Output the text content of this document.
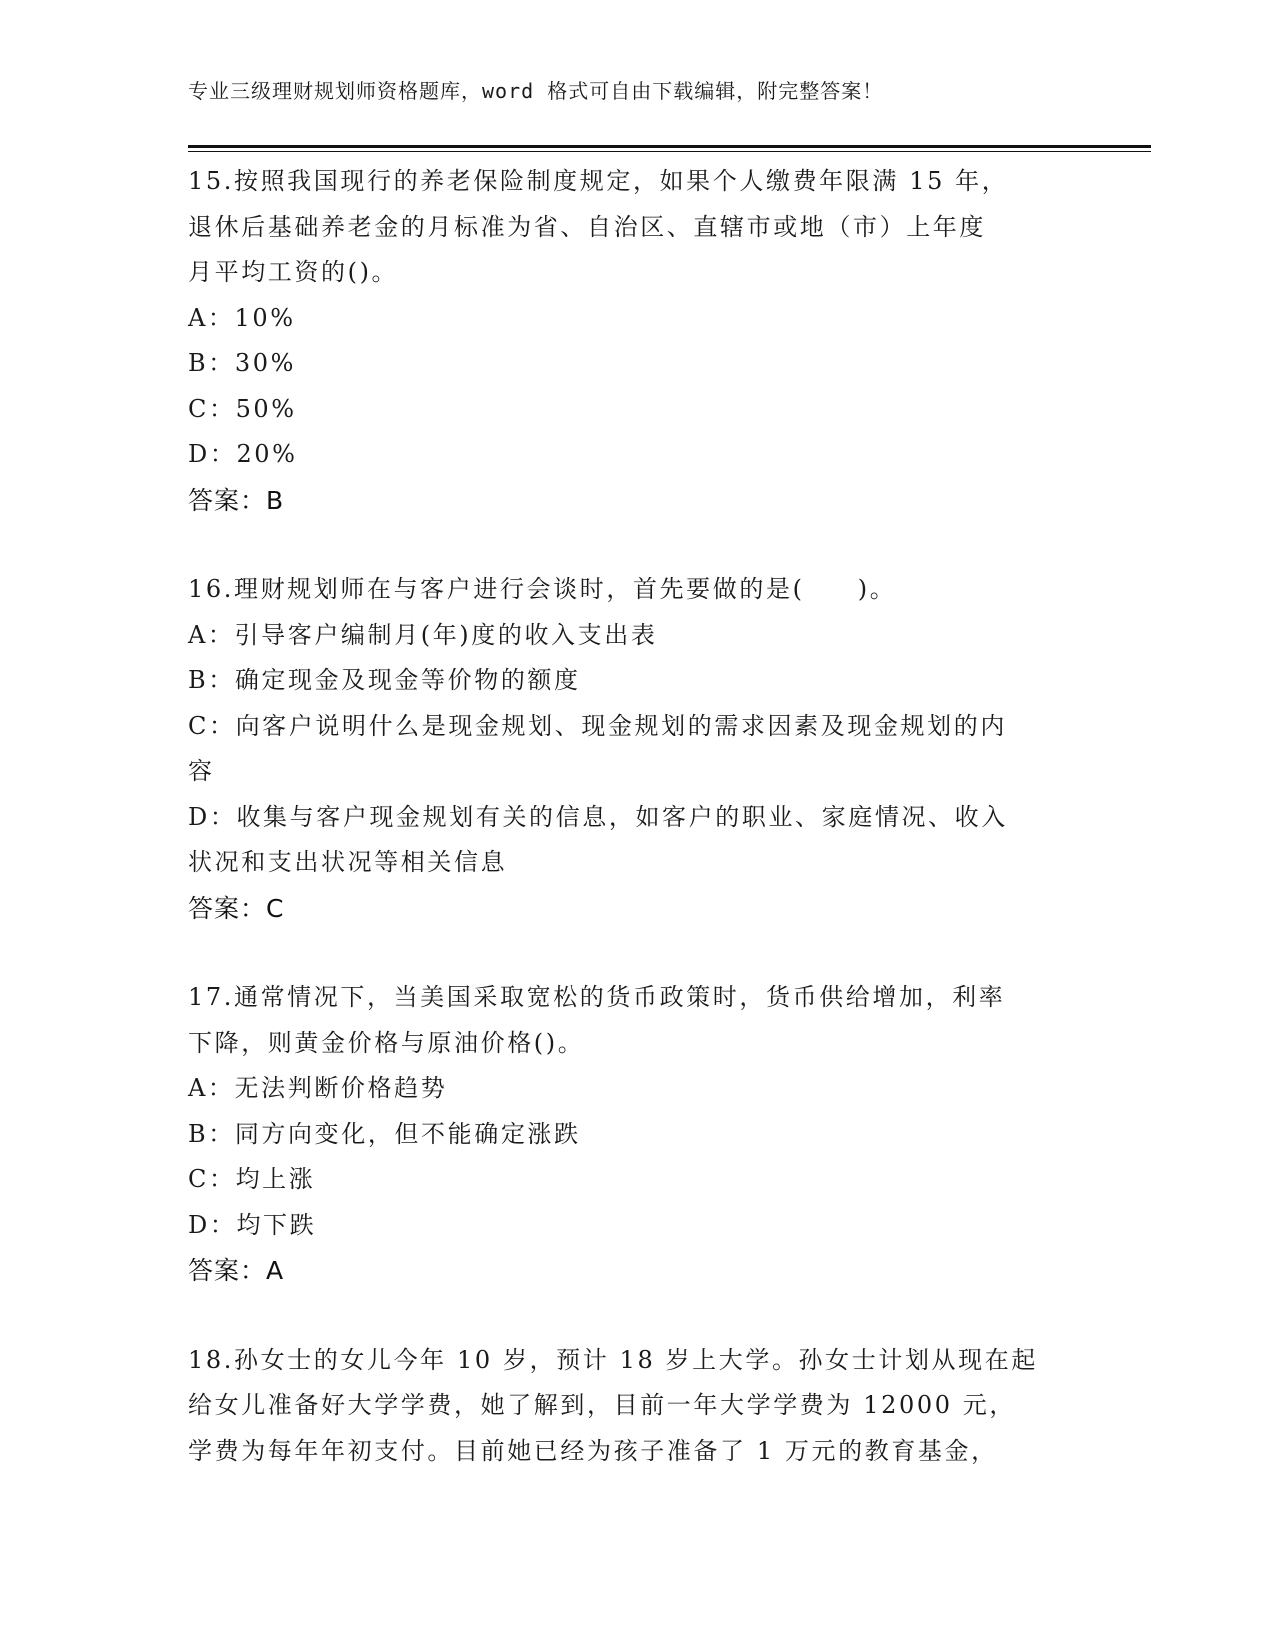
专业三级理财规划师资格题库，word 格式可自由下载编辑，附完整答案！
15.按照我国现行的养老保险制度规定，如果个人缴费年限满 15 年，
退休后基础养老金的月标准为省、自治区、直辖市或地（市）上年度
月平均工资的()。
A：10%
B：30%
C：50%
D：20%
答案：B
16.理财规划师在与客户进行会谈时，首先要做的是(　　)。
A：引导客户编制月(年)度的收入支出表
B：确定现金及现金等价物的额度
C：向客户说明什么是现金规划、现金规划的需求因素及现金规划的内
容
D：收集与客户现金规划有关的信息，如客户的职业、家庭情况、收入
状况和支出状况等相关信息
答案：C
17.通常情况下，当美国采取宽松的货币政策时，货币供给增加，利率
下降，则黄金价格与原油价格()。
A：无法判断价格趋势
B：同方向变化，但不能确定涨跌
C：均上涨
D：均下跌
答案：A
18.孙女士的女儿今年 10 岁，预计 18 岁上大学。孙女士计划从现在起
给女儿准备好大学学费，她了解到，目前一年大学学费为 12000 元，
学费为每年年初支付。目前她已经为孩子准备了 1 万元的教育基金，
